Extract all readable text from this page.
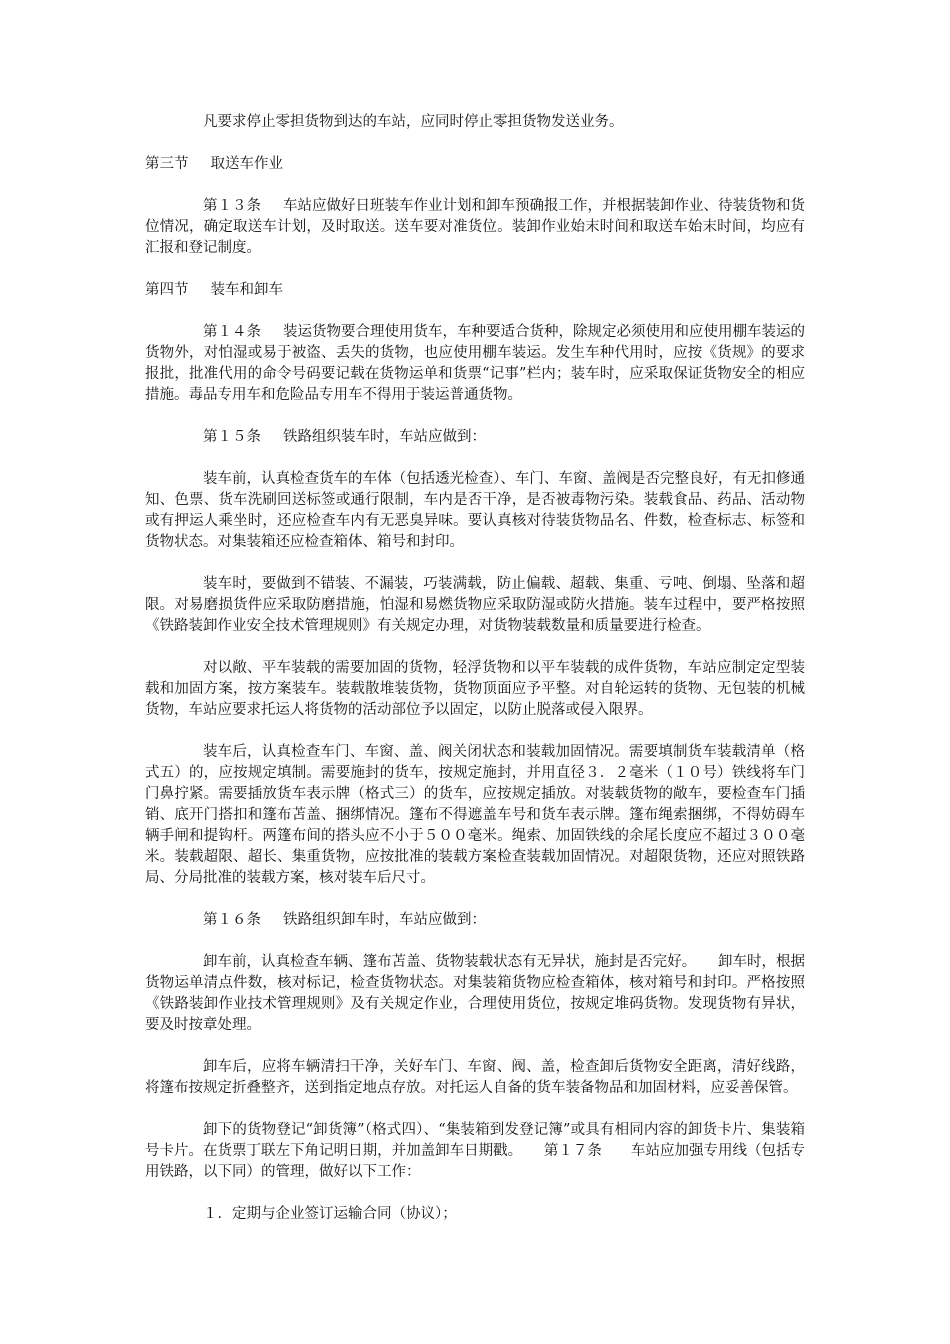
凡要求停止零担货物到达的车站，应同时停止零担货物发送业务。

第三节 取送车作业

第１３条 车站应做好日班装车作业计划和卸车预确报工作，并根据装卸作业、待装货物和货位情况，确定取送车计划，及时取送。送车要对准货位。装卸作业始末时间和取送车始末时间，均应有汇报和登记制度。

第四节 装车和卸车

第１４条 装运货物要合理使用货车，车种要适合货种，除规定必须使用和应使用棚车装运的货物外，对怕湿或易于被盗、丢失的货物，也应使用棚车装运。发生车种代用时，应按《货规》的要求报批，批准代用的命令号码要记载在货物运单和货票“记事”栏内；装车时，应采取保证货物安全的相应措施。毒品专用车和危险品专用车不得用于装运普通货物。

第１５条 铁路组织装车时，车站应做到：

装车前，认真检查货车的车体（包括透光检查）、车门、车窗、盖阀是否完整良好，有无扣修通知、色票、货车洗刷回送标签或通行限制，车内是否干净，是否被毒物污染。装载食品、药品、活动物或有押运人乘坐时，还应检查车内有无恶臭异味。要认真核对待装货物品名、件数，检查标志、标签和货物状态。对集装箱还应检查箱体、箱号和封印。

装车时，要做到不错装、不漏装，巧装满载，防止偏载、超载、集重、亏吨、倒塌、坠落和超限。对易磨损货件应采取防磨措施，怕湿和易燃货物应采取防湿或防火措施。装车过程中，要严格按照《铁路装卸作业安全技术管理规则》有关规定办理，对货物装载数量和质量要进行检查。

对以敞、平车装载的需要加固的货物，轻浮货物和以平车装载的成件货物，车站应制定定型装载和加固方案，按方案装车。装载散堆装货物，货物顶面应予平整。对自轮运转的货物、无包装的机械货物，车站应要求托运人将货物的活动部位予以固定，以防止脱落或侵入限界。

装车后，认真检查车门、车窗、盖、阀关闭状态和装载加固情况。需要填制货车装载清单（格式五）的，应按规定填制。需要施封的货车，按规定施封，并用直径３．２毫米（１０号）铁线将车门门鼻拧紧。需要插放货车表示牌（格式三）的货车，应按规定插放。对装载货物的敞车，要检查车门插销、底开门搭扣和篷布苫盖、捆绑情况。篷布不得遮盖车号和货车表示牌。篷布绳索捆绑，不得妨碍车辆手闸和提钩杆。两篷布间的搭头应不小于５００毫米。绳索、加固铁线的余尾长度应不超过３００毫米。装载超限、超长、集重货物，应按批准的装载方案检查装载加固情况。对超限货物，还应对照铁路局、分局批准的装载方案，核对装车后尺寸。

第１６条 铁路组织卸车时，车站应做到：

卸车前，认真检查车辆、篷布苫盖、货物装载状态有无异状，施封是否完好。　　卸车时，根据货物运单清点件数，核对标记，检查货物状态。对集装箱货物应检查箱体，核对箱号和封印。严格按照《铁路装卸作业技术管理规则》及有关规定作业，合理使用货位，按规定堆码货物。发现货物有异状，要及时按章处理。

卸车后，应将车辆清扫干净，关好车门、车窗、阀、盖，检查卸后货物安全距离，清好线路，将篷布按规定折叠整齐，送到指定地点存放。对托运人自备的货车装备物品和加固材料，应妥善保管。

卸下的货物登记“卸货簿”（格式四）、“集装箱到发登记簿”或具有相同内容的卸货卡片、集装箱号卡片。在货票丁联左下角记明日期，并加盖卸车日期戳。　　第１７条　　车站应加强专用线（包括专用铁路，以下同）的管理，做好以下工作：

１．定期与企业签订运输合同（协议）；
